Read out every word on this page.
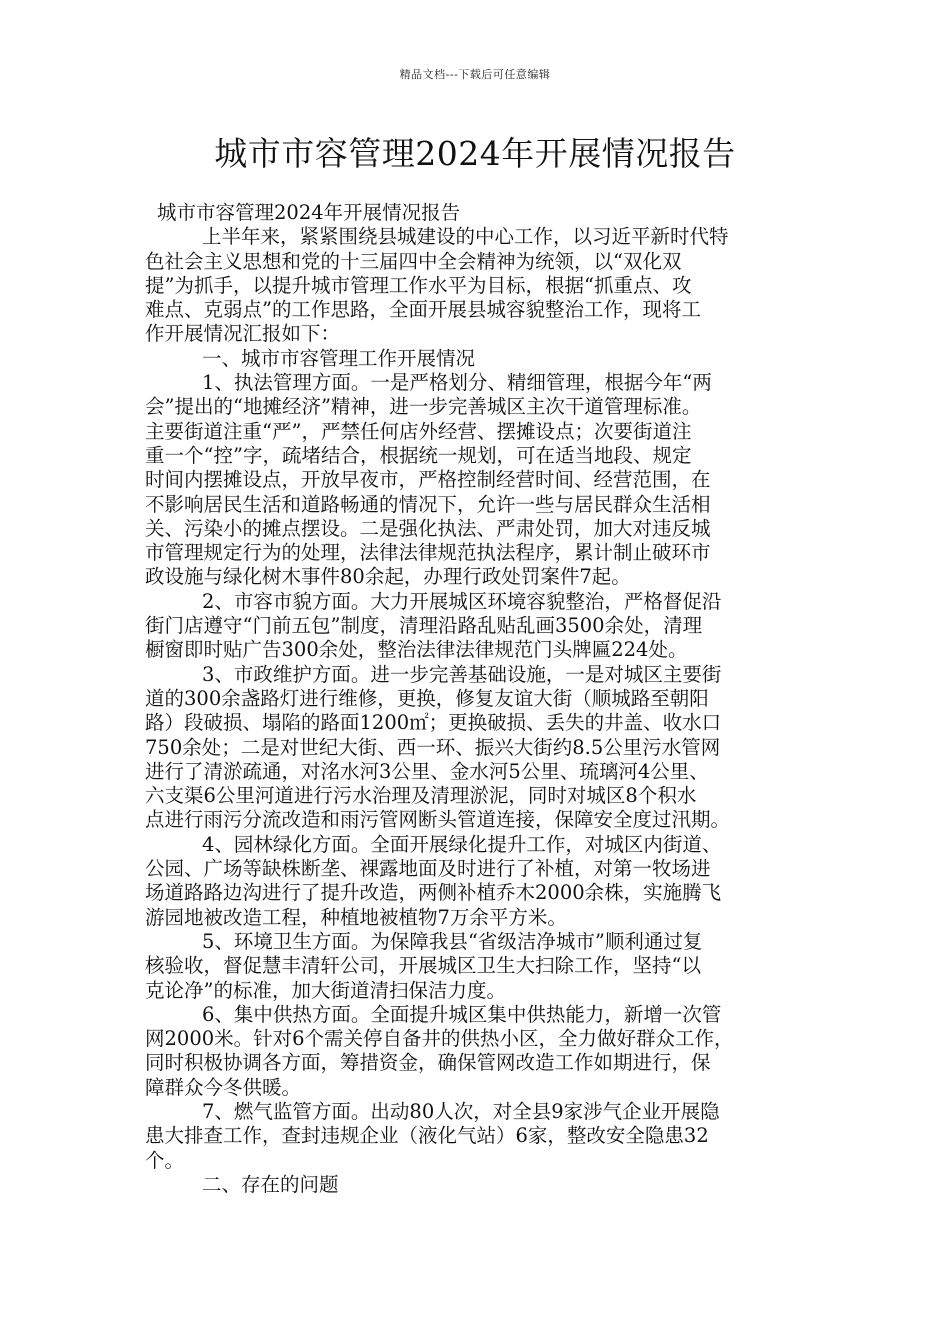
精品文档---下载后可任意编辑
城市市容管理2024年开展情况报告

城市市容管理2024年开展情况报告

上半年来，紧紧围绕县城建设的中心工作，以习近平新时代特

色社会主义思想和党的十三届四中全会精神为统领，以“双化双

提”为抓手，以提升城市管理工作水平为目标，根据“抓重点、攻

难点、克弱点”的工作思路，全面开展县城容貌整治工作，现将工

作开展情况汇报如下：

一、城市市容管理工作开展情况

1、执法管理方面。一是严格划分、精细管理，根据今年“两

会”提出的“地摊经济”精神，进一步完善城区主次干道管理标准。

主要街道注重“严”，严禁任何店外经营、摆摊设点；次要街道注

重一个“控”字，疏堵结合，根据统一规划，可在适当地段、规定

时间内摆摊设点，开放早夜市，严格控制经营时间、经营范围，在

不影响居民生活和道路畅通的情况下，允许一些与居民群众生活相

关、污染小的摊点摆设。二是强化执法、严肃处罚，加大对违反城

市管理规定行为的处理，法律法律规范执法程序，累计制止破环市

政设施与绿化树木事件80余起，办理行政处罚案件7起。

2、市容市貌方面。大力开展城区环境容貌整治，严格督促沿

街门店遵守“门前五包”制度，清理沿路乱贴乱画3500余处，清理

橱窗即时贴广告300余处，整治法律法律规范门头牌匾224处。

3、市政维护方面。进一步完善基础设施，一是对城区主要街

道的300余盏路灯进行维修，更换，修复友谊大街（顺城路至朝阳

路）段破损、塌陷的路面1200㎡；更换破损、丢失的井盖、收水口

750余处；二是对世纪大街、西一环、振兴大街约8.5公里污水管网

进行了清淤疏通，对洺水河3公里、金水河5公里、琉璃河4公里、

六支渠6公里河道进行污水治理及清理淤泥，同时对城区8个积水

点进行雨污分流改造和雨污管网断头管道连接，保障安全度过汛期。

4、园林绿化方面。全面开展绿化提升工作，对城区内街道、

公园、广场等缺株断垄、裸露地面及时进行了补植，对第一牧场进

场道路路边沟进行了提升改造，两侧补植乔木2000余株，实施腾飞

游园地被改造工程，种植地被植物7万余平方米。

5、环境卫生方面。为保障我县“省级洁净城市”顺利通过复

核验收，督促慧丰清轩公司，开展城区卫生大扫除工作，坚持“以

克论净”的标准，加大街道清扫保洁力度。

6、集中供热方面。全面提升城区集中供热能力，新增一次管

网2000米。针对6个需关停自备井的供热小区，全力做好群众工作，

同时积极协调各方面，筹措资金，确保管网改造工作如期进行，保

障群众今冬供暖。

7、燃气监管方面。出动80人次，对全县9家涉气企业开展隐

患大排查工作，查封违规企业（液化气站）6家，整改安全隐患32

个。

二、存在的问题
